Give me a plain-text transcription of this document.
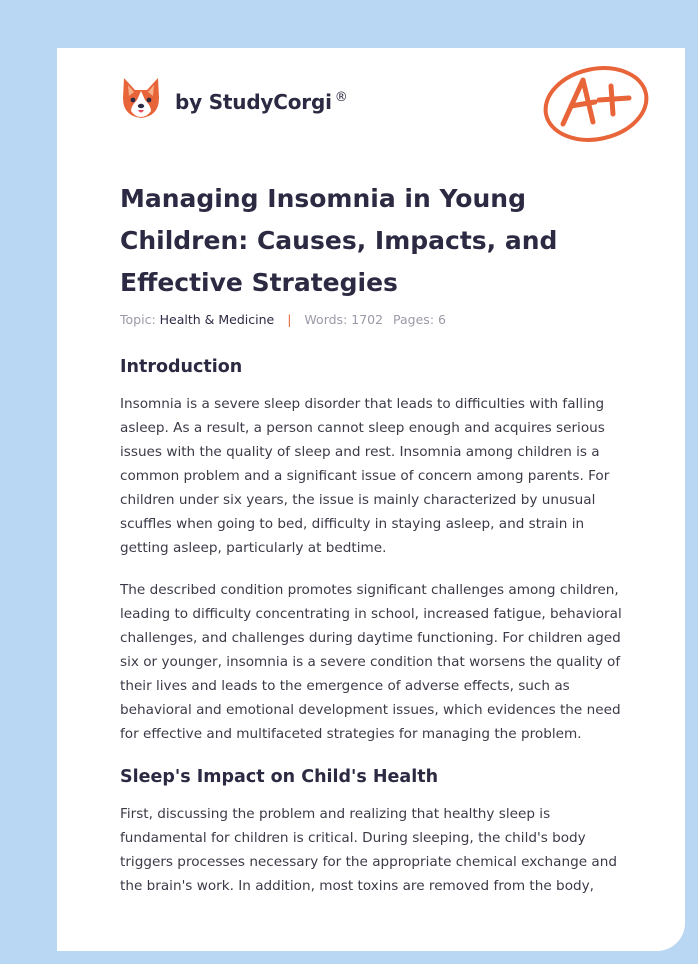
by StudyCorgi ®
Managing Insomnia in Young Children: Causes, Impacts, and Effective Strategies
Topic: Health & Medicine | Words: 1702 Pages: 6
Introduction

Insomnia is a severe sleep disorder that leads to difficulties with falling asleep. As a result, a person cannot sleep enough and acquires serious issues with the quality of sleep and rest. Insomnia among children is a common problem and a significant issue of concern among parents. For children under six years, the issue is mainly characterized by unusual scuffles when going to bed, difficulty in staying asleep, and strain in getting asleep, particularly at bedtime.

The described condition promotes significant challenges among children, leading to difficulty concentrating in school, increased fatigue, behavioral challenges, and challenges during daytime functioning. For children aged six or younger, insomnia is a severe condition that worsens the quality of their lives and leads to the emergence of adverse effects, such as behavioral and emotional development issues, which evidences the need for effective and multifaceted strategies for managing the problem.

Sleep's Impact on Child's Health

First, discussing the problem and realizing that healthy sleep is fundamental for children is critical. During sleeping, the child's body triggers processes necessary for the appropriate chemical exchange and the brain's work. In addition, most toxins are removed from the body,
